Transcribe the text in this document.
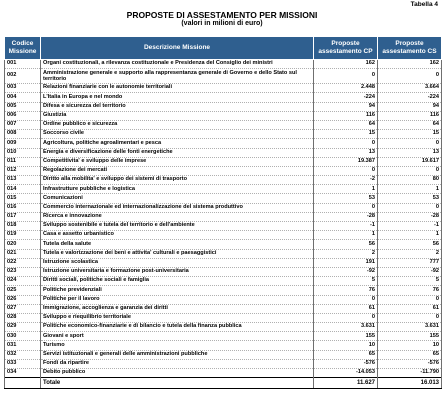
Tabella 4
PROPOSTE DI ASSESTAMENTO PER MISSIONI
(valori in milioni di euro)
Codice Missione	Descrizione Missione	Proposte assestamento CP	Proposte assestamento CS
001	Organi costituzionali, a rilevanza costituzionale e Presidenza del Consiglio dei ministri	162	162
002	Amministrazione generale e supporto alla rappresentanza generale di Governo e dello Stato sul territorio	0	0
003	Relazioni finanziarie con le autonomie territoriali	2.448	3.664
004	L'Italia in Europa e nel mondo	-224	-224
005	Difesa e sicurezza del territorio	94	94
006	Giustizia	116	116
007	Ordine pubblico e sicurezza	64	64
008	Soccorso civile	15	15
009	Agricoltura, politiche agroalimentari e pesca	0	0
010	Energia e diversificazione delle fonti energetiche	13	13
011	Competitivita' e sviluppo delle imprese	19.387	19.617
012	Regolazione dei mercati	0	0
013	Diritto alla mobilita' e sviluppo dei sistemi di trasporto	-2	80
014	Infrastrutture pubbliche e logistica	1	1
015	Comunicazioni	53	53
016	Commercio internazionale ed internazionalizzazione del sistema produttivo	0	0
017	Ricerca e innovazione	-28	-28
018	Sviluppo sostenibile e tutela del territorio e dell'ambiente	-1	-1
019	Casa e assetto urbanistico	1	1
020	Tutela della salute	56	56
021	Tutela e valorizzazione dei beni e attivita' culturali e paesaggistici	2	2
022	Istruzione scolastica	191	777
023	Istruzione universitaria e formazione post-universitaria	-92	-92
024	Diritti sociali, politiche sociali e famiglia	5	5
025	Politiche previdenziali	76	76
026	Politiche per il lavoro	0	0
027	Immigrazione, accoglienza e garanzia dei diritti	61	61
028	Sviluppo e riequilibrio territoriale	0	0
029	Politiche economico-finanziarie e di bilancio e tutela della finanza pubblica	3.631	3.631
030	Giovani e sport	155	155
031	Turismo	10	10
032	Servizi istituzionali e generali delle amministrazioni pubbliche	65	65
033	Fondi da ripartire	-576	-576
034	Debito pubblico	-14.053	-11.790
	Totale	11.627	16.013
